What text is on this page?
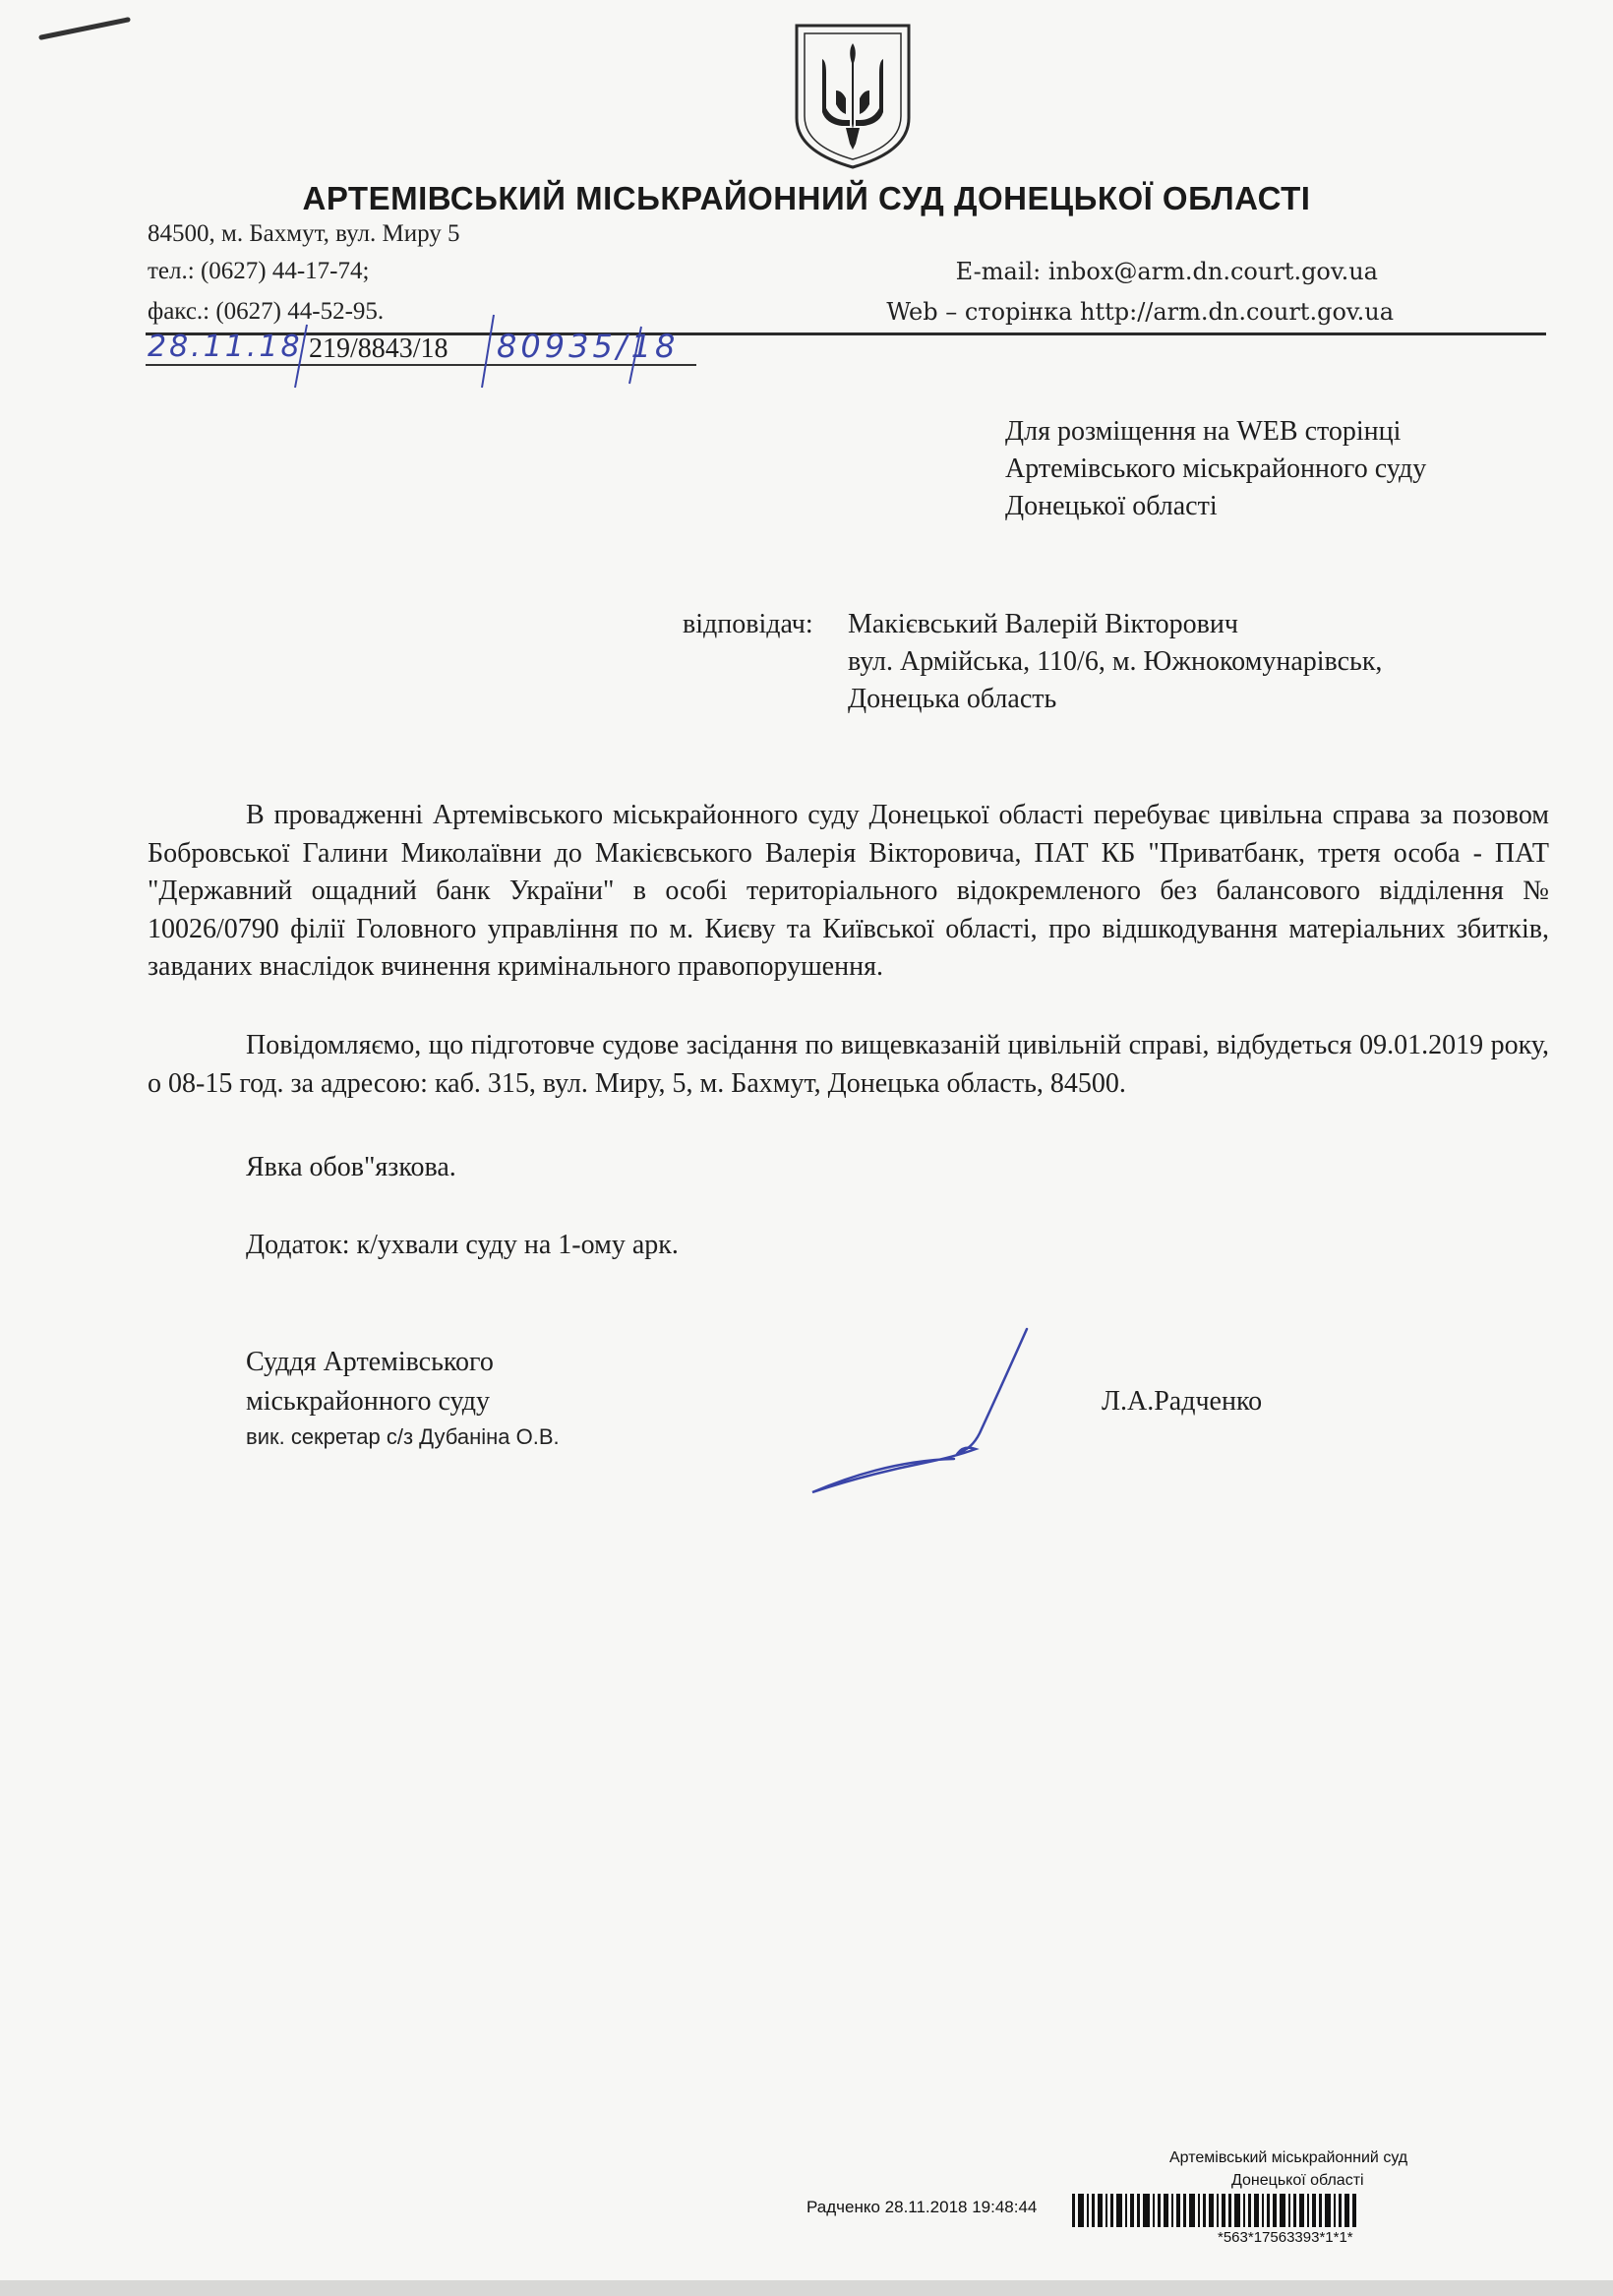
АРТЕМІВСЬКИЙ МІСЬКРАЙОННИЙ СУД ДОНЕЦЬКОЇ ОБЛАСТІ
84500, м. Бахмут, вул. Миру 5
тел.: (0627) 44-17-74;
факс.: (0627) 44-52-95.
E-mail: inbox@arm.dn.court.gov.ua
Web – сторінка http://arm.dn.court.gov.ua
28.11.18 219/8843/18 80935/18
Для розміщення на WEB сторінці
Артемівського міськрайонного суду
Донецької області
відповідач: Макієвський Валерій Вікторович
вул. Армійська, 110/6, м. Южнокомунарівськ,
Донецька область

В провадженні Артемівського міськрайонного суду Донецької області перебуває цивільна справа за позовом Бобровської Галини Миколаївни до Макієвського Валерія Вікторовича, ПАТ КБ "Приватбанк, третя особа - ПАТ "Державний ощадний банк України" в особі територіального відокремленого без балансового відділення № 10026/0790 філії Головного управління по м. Києву та Київської області, про відшкодування матеріальних збитків, завданих внаслідок вчинення кримінального правопорушення.

Повідомляємо, що підготовче судове засідання по вищевказаній цивільній справі, відбудеться 09.01.2019 року, о 08-15 год. за адресою: каб. 315, вул. Миру, 5, м. Бахмут, Донецька область, 84500.

Явка обов"язкова.
Додаток: к/ухвали суду на 1-ому арк.
Суддя Артемівського
міськрайонного суду
вик. секретар с/з Дубаніна О.В.
Л.А.Радченко
Артемівський міськрайонний суд
Донецької області
Радченко 28.11.2018 19:48:44
*563*17563393*1*1*
